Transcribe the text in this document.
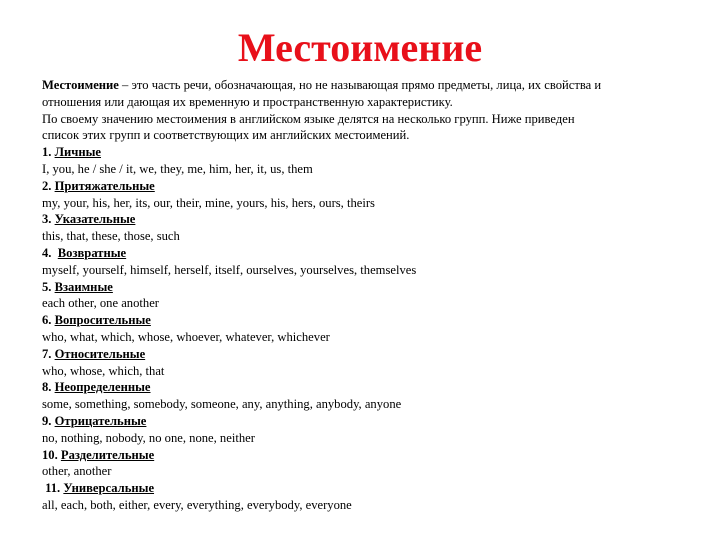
Местоимение
Местоимение – это часть речи, обозначающая, но не называющая прямо предметы, лица, их свойства и
отношения или дающая их временную и пространственную характеристику.
По своему значению местоимения в английском языке делятся на несколько групп. Ниже приведен
список этих групп и соответствующих им английских местоимений.
1. Личные
I, you, he / she / it, we, they, me, him, her, it, us, them
2. Притяжательные
my, your, his, her, its, our, their, mine, yours, his, hers, ours, theirs
3. Указательные
this, that, these, those, such
4.  Возвратные
myself, yourself, himself, herself, itself, ourselves, yourselves, themselves
5. Взаимные
each other, one another
6. Вопросительные
who, what, which, whose, whoever, whatever, whichever
7. Относительные
who, whose, which, that
8. Неопределенные
some, something, somebody, someone, any, anything, anybody, anyone
9. Отрицательные
no, nothing, nobody, no one, none, neither
10. Разделительные
other, another
11. Универсальные
all, each, both, either, every, everything, everybody, everyone
